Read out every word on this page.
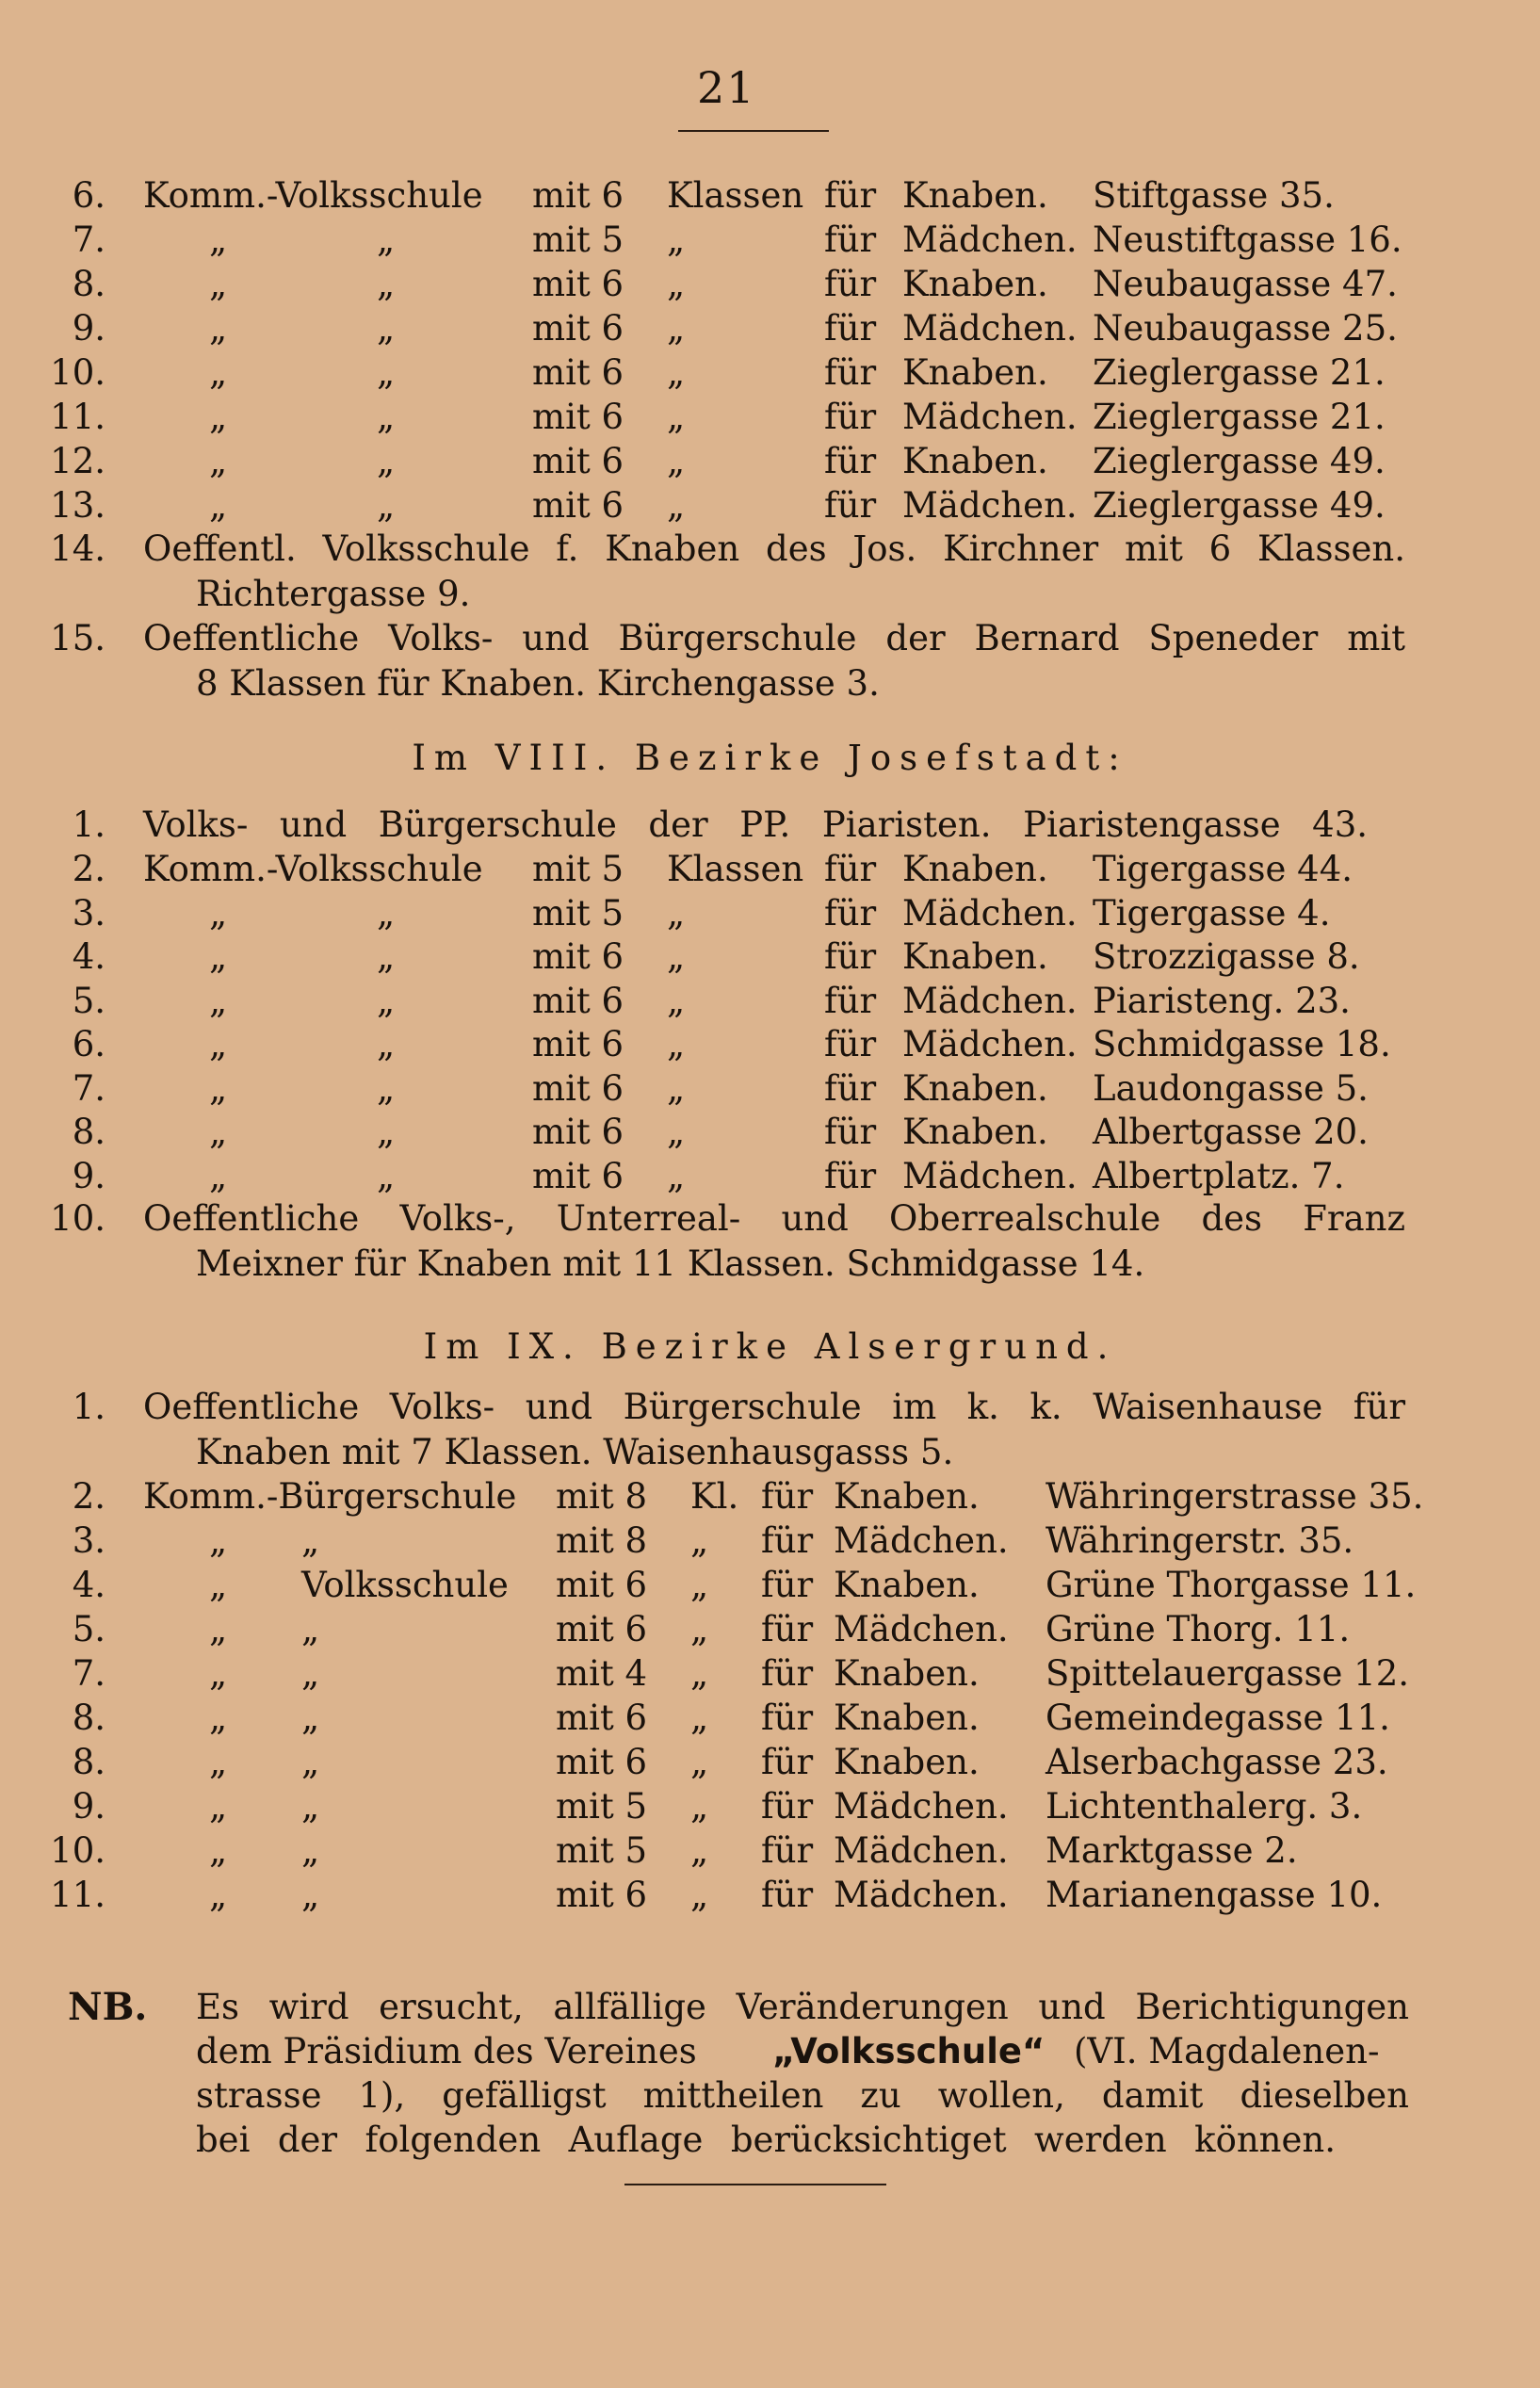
21
6. Komm.-Volksschule mit 6 Klassen für Knaben. Stiftgasse 35.
7.	„	„	mit 5 „	für Mädchen. Neustiftgasse 16.
8.	„	„	mit 6 „	für Knaben. Neubaugasse 47.
9.	„	„	mit 6 „	für Mädchen. Neubaugasse 25.
10.	„	„	mit 6 „	für Knaben. Zieglergasse 21.
11.	„	„	mit 6 „	für Mädchen. Zieglergasse 21.
12.	„	„	mit 6 „	für Knaben. Zieglergasse 49.
13.	„	„	mit 6 „	für Mädchen. Zieglergasse 49.
14. Oeffentl. Volksschule f. Knaben des Jos. Kirchner mit 6 Klassen.
Richtergasse 9.
15. Oeffentliche Volks- und Bürgerschule der Bernard Speneder mit
8 Klassen für Knaben. Kirchengasse 3.
Im VIII. Bezirke Josefstadt:
1. Volks- und Bürgerschule der PP. Piaristen. Piaristengasse 43.
2. Komm.-Volksschule mit 5 Klassen für Knaben. Tigergasse 44.
3.	„	„	mit 5 „	für Mädchen. Tigergasse 4.
4.	„	„	mit 6 „	für Knaben. Strozzigasse 8.
5.	„	„	mit 6 „	für Mädchen. Piaristeng. 23.
6.	„	„	mit 6 „	für Mädchen. Schmidgasse 18.
7.	„	„	mit 6 „	für Knaben. Laudongasse 5.
8.	„	„	mit 6 „	für Knaben. Albertgasse 20.
9.	„	„	mit 6 „	für Mädchen. Albertplatz. 7.
10. Oeffentliche Volks-, Unterreal- und Oberrealschule des Franz
Meixner für Knaben mit 11 Klassen. Schmidgasse 14.
Im IX. Bezirke Alsergrund.
1. Oeffentliche Volks- und Bürgerschule im k. k. Waisenhause für
Knaben mit 7 Klassen. Waisenhausgasss 5.
2. Komm.-Bürgerschule mit 8 Kl. für Knaben. Währingerstrasse 35.
3.	„ „	mit 8 „ für Mädchen. Währingerstr. 35.
4.	„ Volksschule mit 6 „ für Knaben. Grüne Thorgasse 11.
5.	„ „	mit 6 „ für Mädchen. Grüne Thorg. 11.
7.	„ „	mit 4 „ für Knaben. Spittelauergasse 12.
8.	„ „	mit 6 „ für Knaben. Gemeindegasse 11.
8.	„ „	mit 6 „ für Knaben. Alserbachgasse 23.
9.	„ „	mit 5 „ für Mädchen. Lichtenthalerg. 3.
10.	„ „	mit 5 „ für Mädchen. Marktgasse 2.
11.	„ „	mit 6 „ für Mädchen. Marianengasse 10.
NB. Es wird ersucht, allfällige Veränderungen und Berichtigungen
dem Präsidium des Vereines „Volksschule“ (VI. Magdalenen-
strasse 1), gefälligst mittheilen zu wollen, damit dieselben
bei der folgenden Auflage berücksichtiget werden können.
